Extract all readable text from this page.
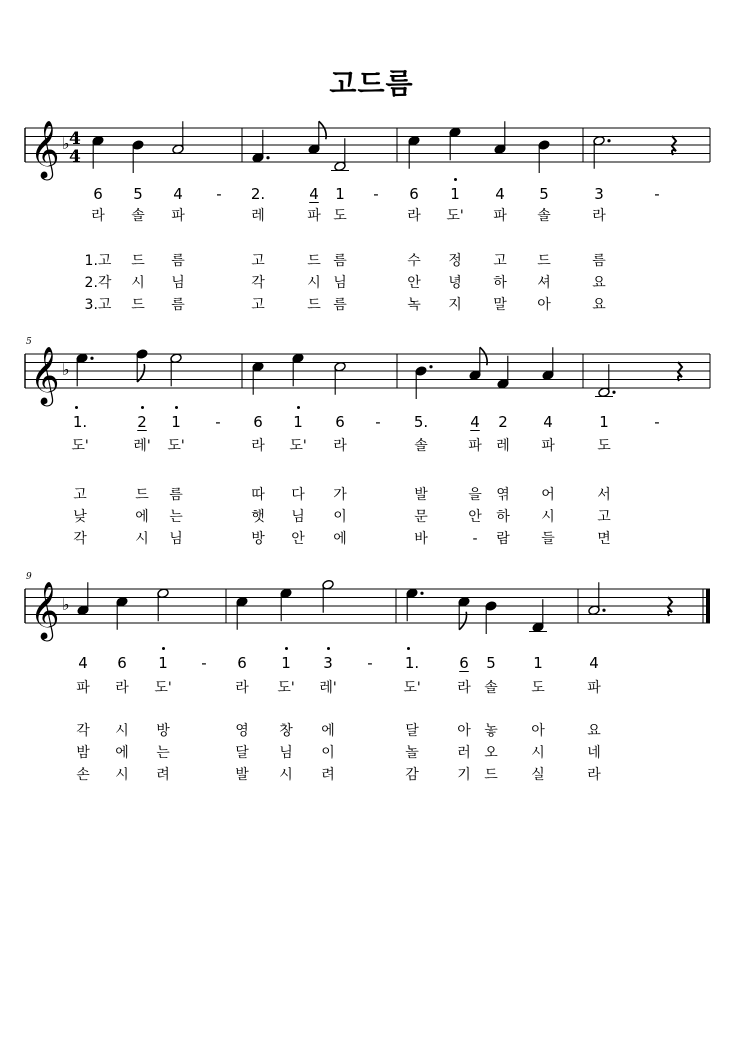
고드름
𝄞 ♭ 4
4
𝄞 ♭
𝄞 ♭
6 5 4 - 2.	4 1 - 6 1 4 5	3	-
라 솔 파	레	파 도	라 도' 파 솔	라
1.고 드 름	고	드 름	수 정 고 드	름
2.각 시 님	각	시 님	안 녕 하 셔	요
3.고 드 름	고	드 름	녹 지 말 아	요
5
1.	2 1 - 6 1 6 - 5.	4 2 4	1	-
도'	레' 도'	라 도' 라	솔	파 레 파	도
고	드 름	따 다 가	발	을 엮 어	서
낮	에 는	햇 님 이	문	안 하 시	고
각	시 님	방 안 에	바	- 람 들	면
9
4 6 1 - 6 1 3 - 1.	6 5 1	4
파 라 도'	라 도' 레'	도'	라 솔 도	파
각 시 방	영 창 에	달	아 놓 아	요
밤 에 는	달 님 이	놀	러 오 시	네
손 시 려	발 시 려	감	기 드 실	라
